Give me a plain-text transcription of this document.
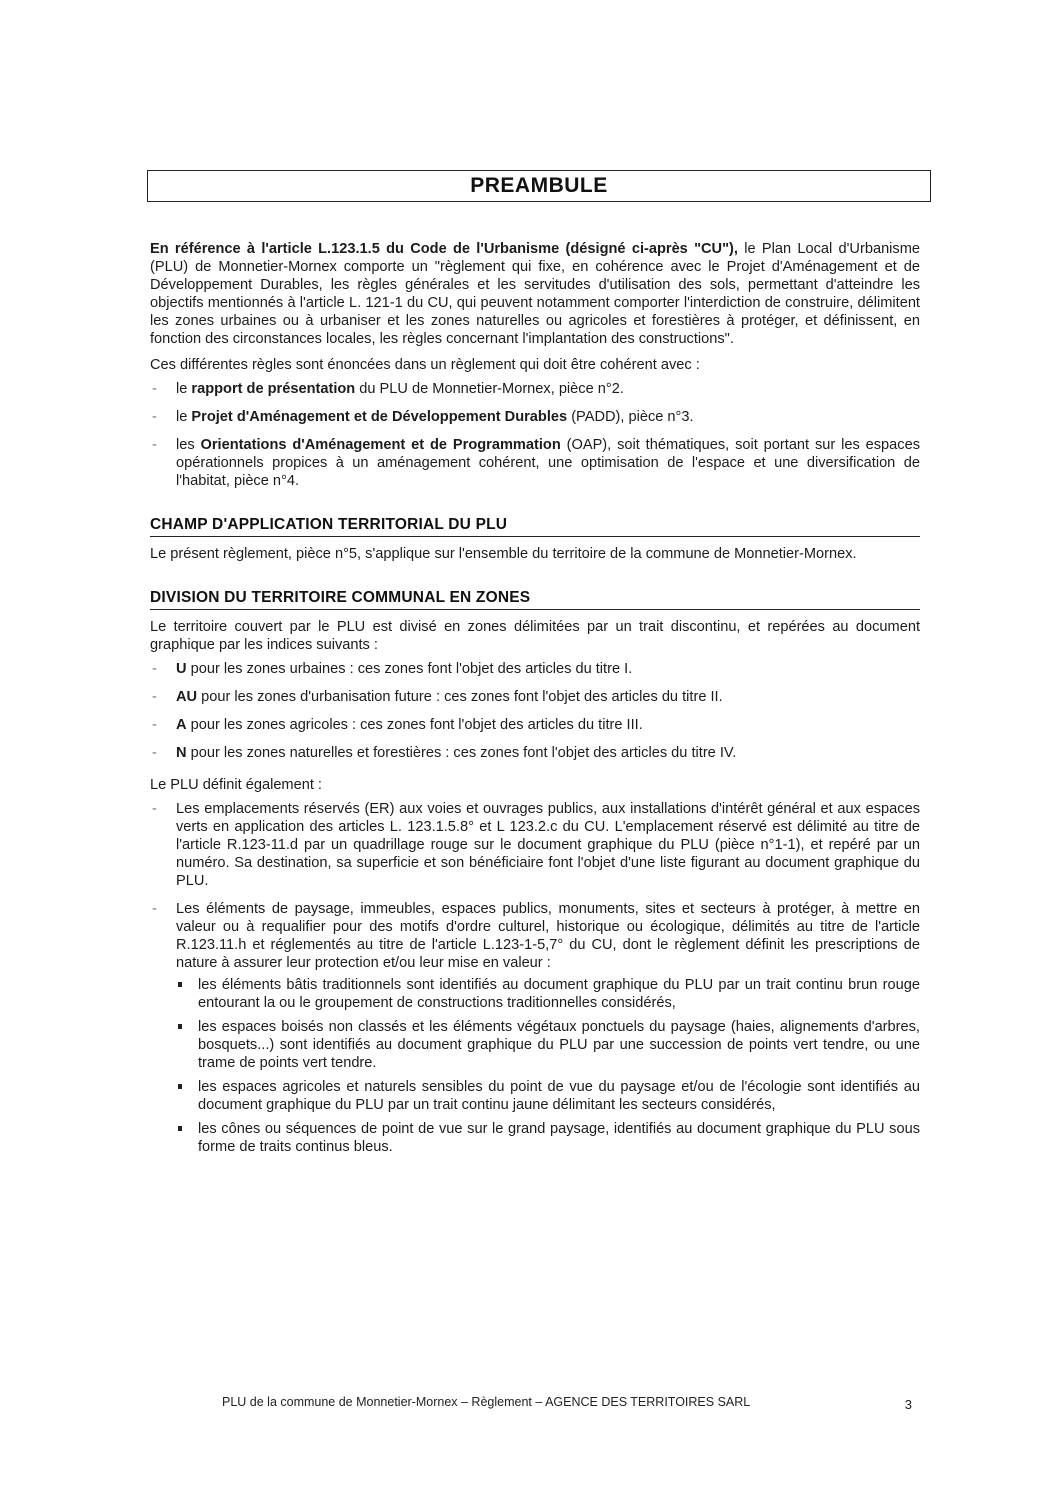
PREAMBULE

En référence à l'article L.123.1.5 du Code de l'Urbanisme (désigné ci-après "CU"), le Plan Local d'Urbanisme (PLU) de Monnetier-Mornex comporte un "règlement qui fixe, en cohérence avec le Projet d'Aménagement et de Développement Durables, les règles générales et les servitudes d'utilisation des sols, permettant d'atteindre les objectifs mentionnés à l'article L. 121-1 du CU, qui peuvent notamment comporter l'interdiction de construire, délimitent les zones urbaines ou à urbaniser et les zones naturelles ou agricoles et forestières à protéger, et définissent, en fonction des circonstances locales, les règles concernant l'implantation des constructions".

Ces différentes règles sont énoncées dans un règlement qui doit être cohérent avec :

- le rapport de présentation du PLU de Monnetier-Mornex, pièce n°2.
- le Projet d'Aménagement et de Développement Durables (PADD), pièce n°3.
- les Orientations d'Aménagement et de Programmation (OAP), soit thématiques, soit portant sur les espaces opérationnels propices à un aménagement cohérent, une optimisation de l'espace et une diversification de l'habitat, pièce n°4.
CHAMP D'APPLICATION TERRITORIAL DU PLU

Le présent règlement, pièce n°5, s'applique sur l'ensemble du territoire de la commune de Monnetier-Mornex.

DIVISION DU TERRITOIRE COMMUNAL EN ZONES

Le territoire couvert par le PLU est divisé en zones délimitées par un trait discontinu, et repérées au document graphique par les indices suivants :

- U pour les zones urbaines : ces zones font l'objet des articles du titre I.
- AU pour les zones d'urbanisation future : ces zones font l'objet des articles du titre II.
- A pour les zones agricoles : ces zones font l'objet des articles du titre III.
- N pour les zones naturelles et forestières : ces zones font l'objet des articles du titre IV.

Le PLU définit également :

- Les emplacements réservés (ER) aux voies et ouvrages publics, aux installations d'intérêt général et aux espaces verts en application des articles L. 123.1.5.8° et L 123.2.c du CU. L'emplacement réservé est délimité au titre de l'article R.123-11.d par un quadrillage rouge sur le document graphique du PLU (pièce n°1-1), et repéré par un numéro. Sa destination, sa superficie et son bénéficiaire font l'objet d'une liste figurant au document graphique du PLU.
- Les éléments de paysage, immeubles, espaces publics, monuments, sites et secteurs à protéger, à mettre en valeur ou à requalifier pour des motifs d'ordre culturel, historique ou écologique, délimités au titre de l'article R.123.11.h et réglementés au titre de l'article L.123-1-5,7° du CU, dont le règlement définit les prescriptions de nature à assurer leur protection et/ou leur mise en valeur :
les éléments bâtis traditionnels sont identifiés au document graphique du PLU par un trait continu brun rouge entourant la ou le groupement de constructions traditionnelles considérés,
les espaces boisés non classés et les éléments végétaux ponctuels du paysage (haies, alignements d'arbres, bosquets...) sont identifiés au document graphique du PLU par une succession de points vert tendre, ou une trame de points vert tendre.
les espaces agricoles et naturels sensibles du point de vue du paysage et/ou de l'écologie sont identifiés au document graphique du PLU par un trait continu jaune délimitant les secteurs considérés,
les cônes ou séquences de point de vue sur le grand paysage, identifiés au document graphique du PLU sous forme de traits continus bleus.
PLU de la commune de Monnetier-Mornex – Règlement – AGENCE DES TERRITOIRES SARL	3
